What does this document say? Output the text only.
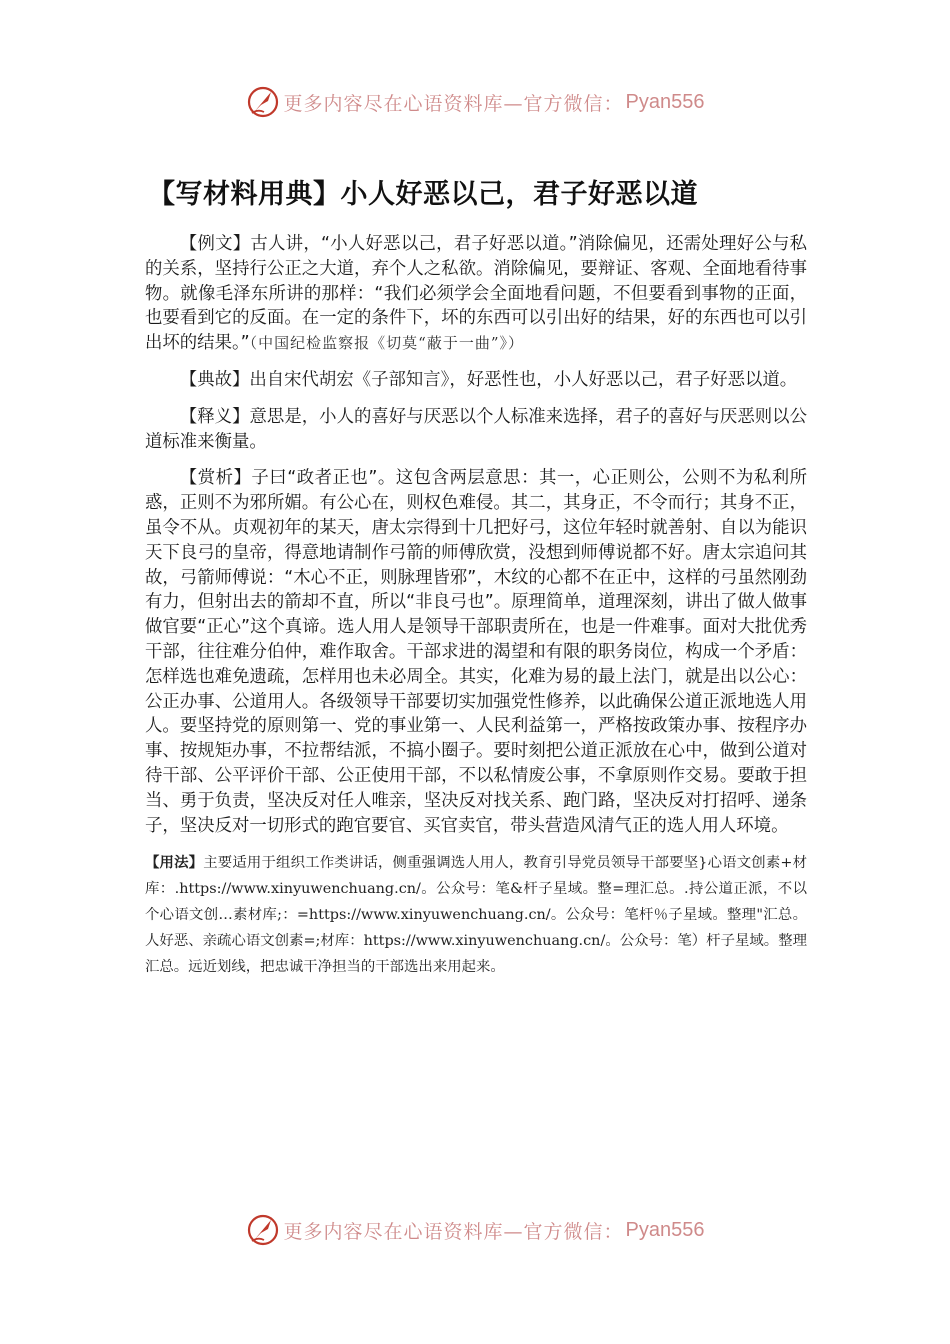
更多内容尽在心语资料库—官方微信： Pyan556
【写材料用典】小人好恶以己，君子好恶以道

【例文】古人讲，“小人好恶以己，君子好恶以道。”消除偏见，还需处理好公与私的关系，坚持行公正之大道，弃个人之私欲。消除偏见，要辩证、客观、全面地看待事物。就像毛泽东所讲的那样：“我们必须学会全面地看问题，不但要看到事物的正面，也要看到它的反面。在一定的条件下，坏的东西可以引出好的结果，好的东西也可以引出坏的结果。”（中国纪检监察报《切莫“蔽于一曲”》）

【典故】出自宋代胡宏《子部知言》，好恶性也，小人好恶以己，君子好恶以道。

【释义】意思是，小人的喜好与厌恶以个人标准来选择，君子的喜好与厌恶则以公道标准来衡量。

【赏析】子曰“政者正也”。这包含两层意思：其一，心正则公，公则不为私利所惑，正则不为邪所媚。有公心在，则权色难侵。其二，其身正，不令而行；其身不正，虽令不从。贞观初年的某天，唐太宗得到十几把好弓，这位年轻时就善射、自以为能识天下良弓的皇帝，得意地请制作弓箭的师傅欣赏，没想到师傅说都不好。唐太宗追问其故，弓箭师傅说：“木心不正，则脉理皆邪”，木纹的心都不在正中，这样的弓虽然刚劲有力，但射出去的箭却不直，所以“非良弓也”。原理简单，道理深刻，讲出了做人做事做官要“正心”这个真谛。选人用人是领导干部职责所在，也是一件难事。面对大批优秀干部，往往难分伯仲，难作取舍。干部求进的渴望和有限的职务岗位，构成一个矛盾：怎样选也难免遗疏，怎样用也未必周全。其实，化难为易的最上法门，就是出以公心：公正办事、公道用人。各级领导干部要切实加强党性修养，以此确保公道正派地选人用人。要坚持党的原则第一、党的事业第一、人民利益第一，严格按政策办事、按程序办事、按规矩办事，不拉帮结派，不搞小圈子。要时刻把公道正派放在心中，做到公道对待干部、公平评价干部、公正使用干部，不以私情废公事，不拿原则作交易。要敢于担当、勇于负责，坚决反对任人唯亲，坚决反对找关系、跑门路，坚决反对打招呼、递条子，坚决反对一切形式的跑官要官、买官卖官，带头营造风清气正的选人用人环境。

【用法】主要适用于组织工作类讲话，侧重强调选人用人，教育引导党员领导干部要坚}心语文创素+材库：.https://www.xinyuwenchuang.cn/。公众号：笔&杆子星域。整=理汇总。.持公道正派，不以个心语文创…素材库;：=https://www.xinyuwenchuang.cn/。公众号：笔杆％子星域。整理"汇总。人好恶、亲疏心语文创素=;材库：https://www.xinyuwenchuang.cn/。公众号：笔）杆子星域。整理汇总。远近划线，把忠诚干净担当的干部选出来用起来。

更多内容尽在心语资料库—官方微信： Pyan556
